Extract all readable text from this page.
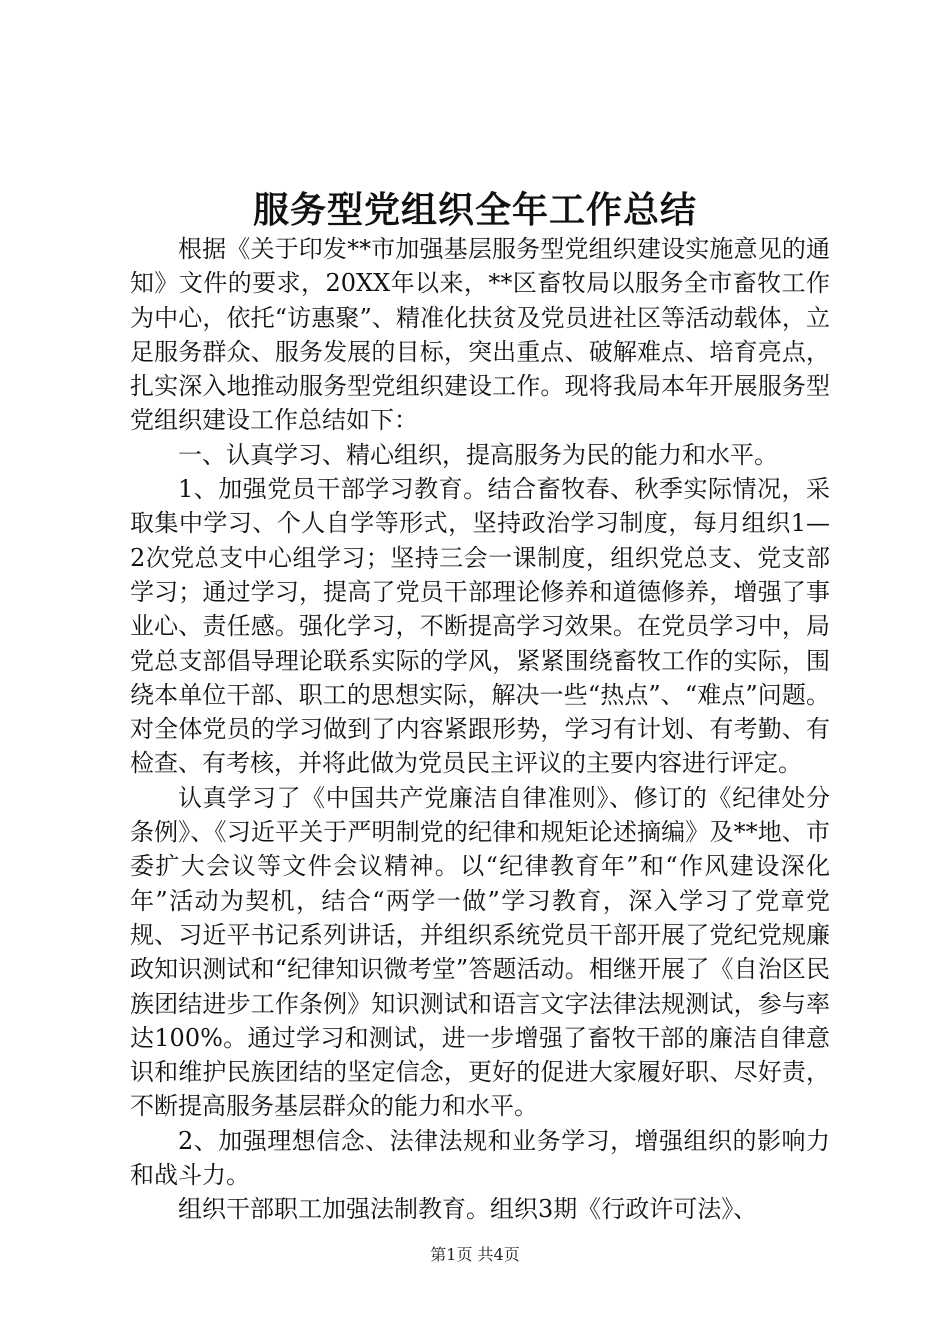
服务型党组织全年工作总结

根据《关于印发**市加强基层服务型党组织建设实施意见的通知》文件的要求，20XX年以来，**区畜牧局以服务全市畜牧工作为中心，依托“访惠聚”、精准化扶贫及党员进社区等活动载体，立足服务群众、服务发展的目标，突出重点、破解难点、培育亮点，扎实深入地推动服务型党组织建设工作。现将我局本年开展服务型党组织建设工作总结如下：

一、认真学习、精心组织，提高服务为民的能力和水平。

1、加强党员干部学习教育。结合畜牧春、秋季实际情况，采取集中学习、个人自学等形式，坚持政治学习制度，每月组织1—2次党总支中心组学习；坚持三会一课制度，组织党总支、党支部学习；通过学习，提高了党员干部理论修养和道德修养，增强了事业心、责任感。强化学习，不断提高学习效果。在党员学习中，局党总支部倡导理论联系实际的学风，紧紧围绕畜牧工作的实际，围绕本单位干部、职工的思想实际，解决一些“热点”、“难点”问题。对全体党员的学习做到了内容紧跟形势，学习有计划、有考勤、有检查、有考核，并将此做为党员民主评议的主要内容进行评定。

认真学习了《中国共产党廉洁自律准则》、修订的《纪律处分条例》、《习近平关于严明制党的纪律和规矩论述摘编》及**地、市委扩大会议等文件会议精神。以“纪律教育年”和“作风建设深化年”活动为契机，结合“两学一做”学习教育，深入学习了党章党规、习近平书记系列讲话，并组织系统党员干部开展了党纪党规廉政知识测试和“纪律知识微考堂”答题活动。相继开展了《自治区民族团结进步工作条例》知识测试和语言文字法律法规测试，参与率达100%。通过学习和测试，进一步增强了畜牧干部的廉洁自律意识和维护民族团结的坚定信念，更好的促进大家履好职、尽好责，不断提高服务基层群众的能力和水平。

2、加强理想信念、法律法规和业务学习，增强组织的影响力和战斗力。

组织干部职工加强法制教育。组织3期《行政许可法》、

第1页 共4页
